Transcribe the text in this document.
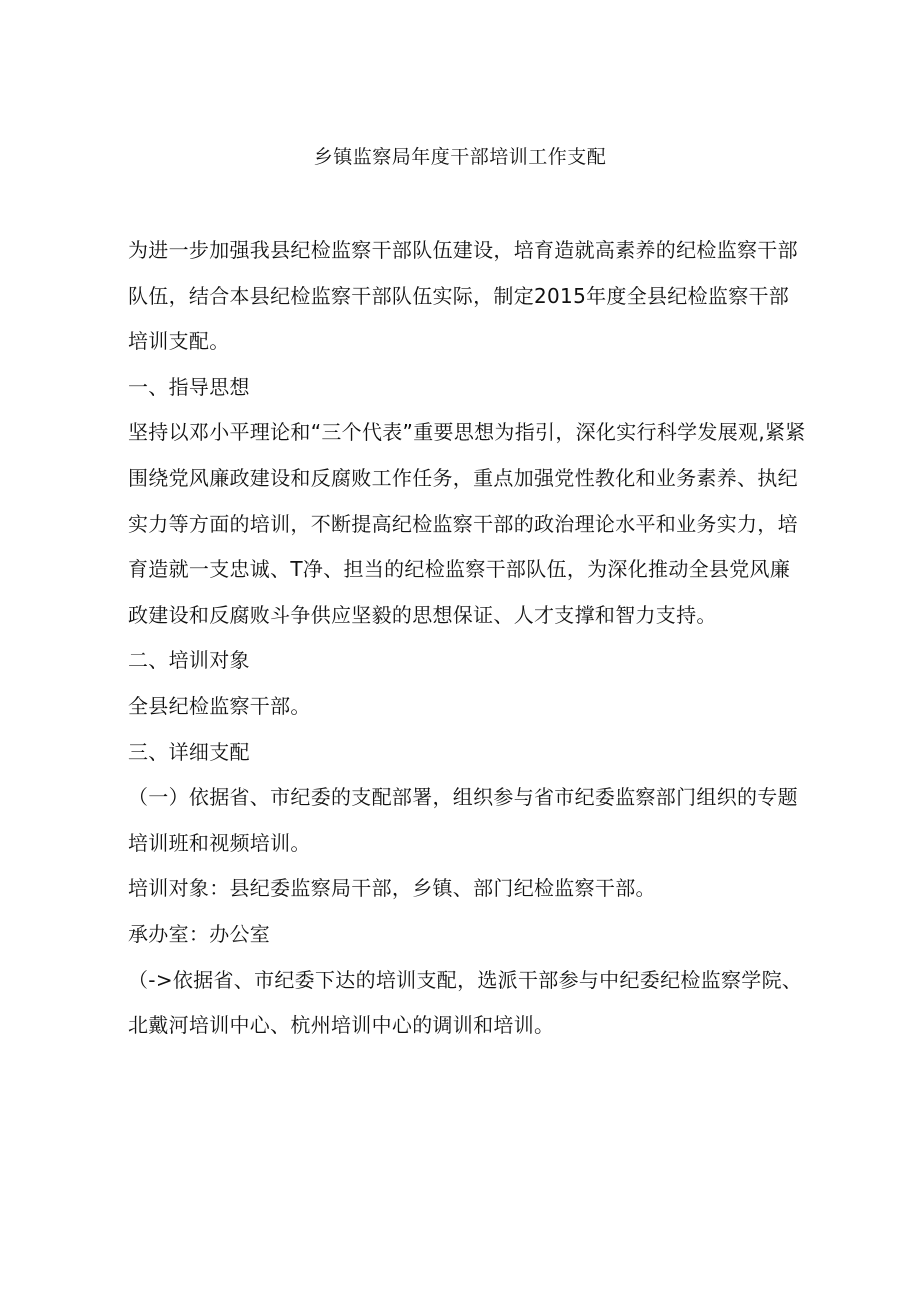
乡镇监察局年度干部培训工作支配

为进一步加强我县纪检监察干部队伍建设，培育造就高素养的纪检监察干部队伍，结合本县纪检监察干部队伍实际，制定2015年度全县纪检监察干部培训支配。

一、指导思想

坚持以邓小平理论和“三个代表”重要思想为指引，深化实行科学发展观,紧紧围绕党风廉政建设和反腐败工作任务，重点加强党性教化和业务素养、执纪实力等方面的培训，不断提高纪检监察干部的政治理论水平和业务实力，培育造就一支忠诚、T净、担当的纪检监察干部队伍，为深化推动全县党风廉政建设和反腐败斗争供应坚毅的思想保证、人才支撑和智力支持。

二、培训对象

全县纪检监察干部。

三、详细支配

（一）依据省、市纪委的支配部署，组织参与省市纪委监察部门组织的专题培训班和视频培训。

培训对象：县纪委监察局干部，乡镇、部门纪检监察干部。

承办室：办公室

（->依据省、市纪委下达的培训支配，选派干部参与中纪委纪检监察学院、北戴河培训中心、杭州培训中心的调训和培训。
